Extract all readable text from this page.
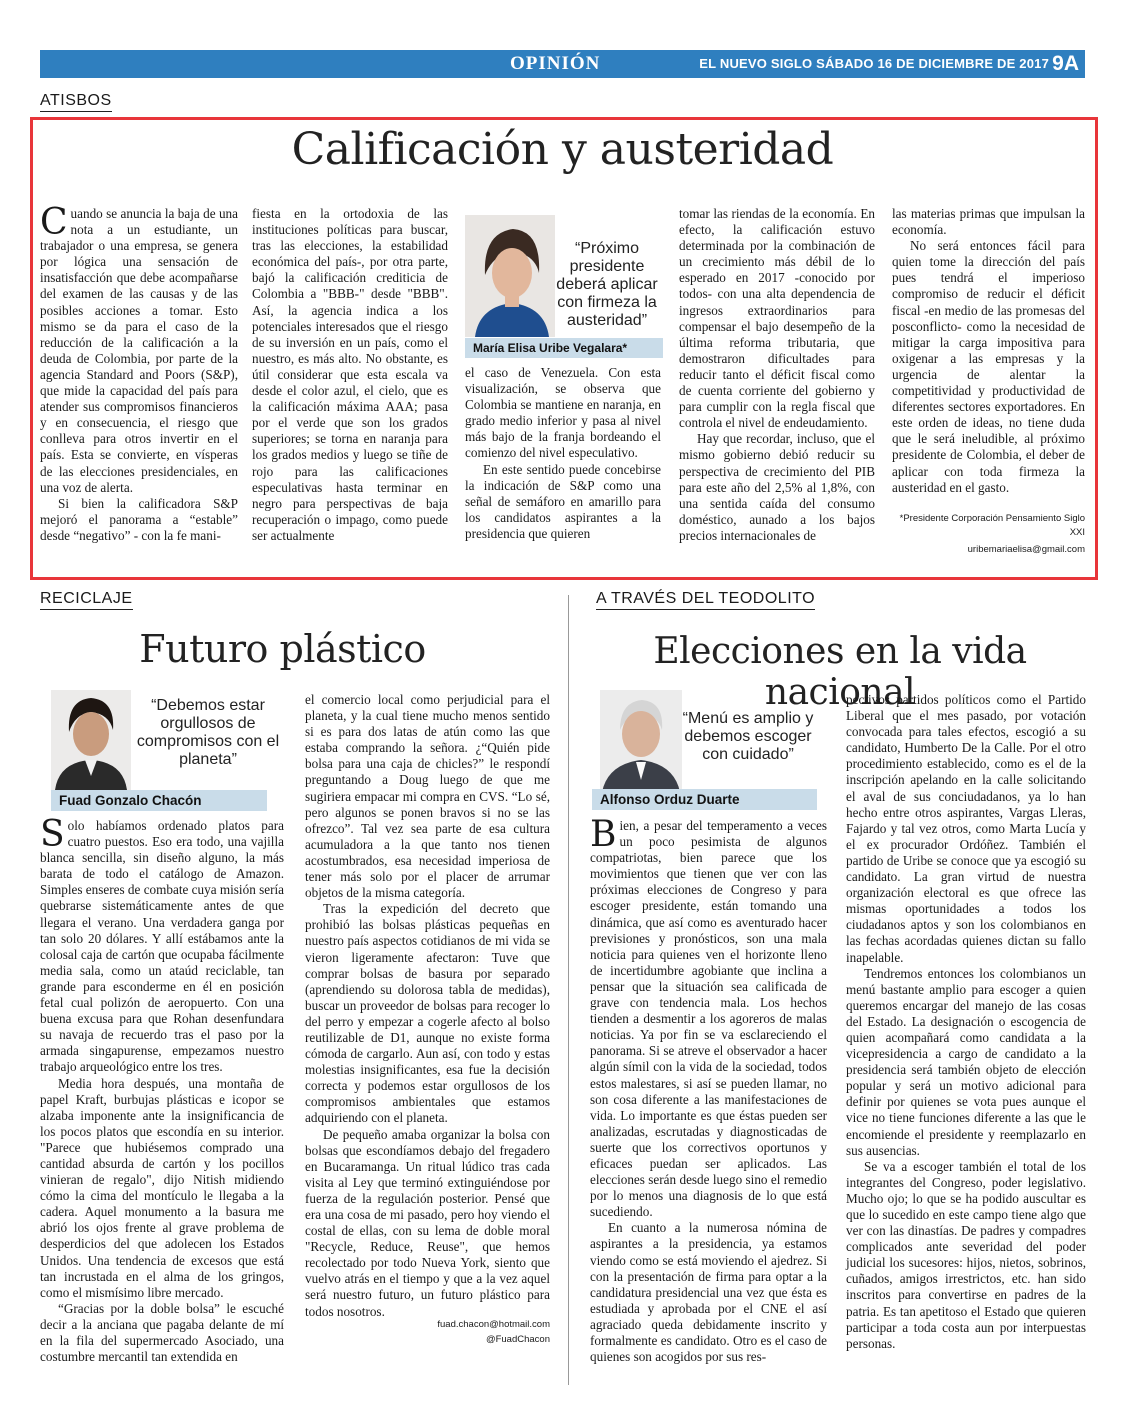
OPINIÓN	EL NUEVO SIGLO SÁBADO 16 DE DICIEMBRE DE 2017 9A
ATISBOS
Calificación y austeridad

Cuando se anuncia la baja de una nota a un estudiante, un trabajador o una empresa, se genera por lógica una sensación de insatisfacción que debe acompañarse del examen de las causas y de las posibles acciones a tomar. Esto mismo se da para el caso de la reducción de la calificación a la deuda de Colombia, por parte de la agencia Standard and Poors (S&P), que mide la capacidad del país para atender sus compromisos financieros y en consecuencia, el riesgo que conlleva para otros invertir en el país. Esta se convierte, en vísperas de las elecciones presidenciales, en una voz de alerta.

Si bien la calificadora S&P mejoró el panorama a “estable” desde “negativo” - con la fe mani-

fiesta en la ortodoxia de las instituciones políticas para buscar, tras las elecciones, la estabilidad económica del país-, por otra parte, bajó la calificación crediticia de Colombia a "BBB-" desde "BBB". Así, la agencia indica a los potenciales interesados que el riesgo de su inversión en un país, como el nuestro, es más alto. No obstante, es útil considerar que esta escala va desde el color azul, el cielo, que es la calificación máxima AAA; pasa por el verde que son los grados superiores; se torna en naranja para los grados medios y luego se tiñe de rojo para las calificaciones especulativas hasta terminar en negro para perspectivas de baja recuperación o impago, como puede ser actualmente

“Próximo presidente deberá aplicar con firmeza la austeridad”
María Elisa Uribe Vegalara*

el caso de Venezuela. Con esta visualización, se observa que Colombia se mantiene en naranja, en grado medio inferior y pasa al nivel más bajo de la franja bordeando el comienzo del nivel especulativo.

En este sentido puede concebirse la indicación de S&P como una señal de semáforo en amarillo para los candidatos aspirantes a la presidencia que quieren

tomar las riendas de la economía. En efecto, la calificación estuvo determinada por la combinación de un crecimiento más débil de lo esperado en 2017 -conocido por todos- con una alta dependencia de ingresos extraordinarios para compensar el bajo desempeño de la última reforma tributaria, que demostraron dificultades para reducir tanto el déficit fiscal como de cuenta corriente del gobierno y para cumplir con la regla fiscal que controla el nivel de endeudamiento.

Hay que recordar, incluso, que el mismo gobierno debió reducir su perspectiva de crecimiento del PIB para este año del 2,5% al 1,8%, con una sentida caída del consumo doméstico, aunado a los bajos precios internacionales de

las materias primas que impulsan la economía.

No será entonces fácil para quien tome la dirección del país pues tendrá el imperioso compromiso de reducir el déficit fiscal -en medio de las promesas del posconflicto- como la necesidad de mitigar la carga impositiva para oxigenar a las empresas y la urgencia de alentar la competitividad y productividad de diferentes sectores exportadores. En este orden de ideas, no tiene duda que le será ineludible, al próximo presidente de Colombia, el deber de aplicar con toda firmeza la austeridad en el gasto.

*Presidente Corporación Pensamiento Siglo XXI
uribemariaelisa@gmail.com
RECICLAJE
Futuro plástico
“Debemos estar orgullosos de compromisos con el planeta”
Fuad Gonzalo Chacón

Solo habíamos ordenado platos para cuatro puestos. Eso era todo, una vajilla blanca sencilla, sin diseño alguno, la más barata de todo el catálogo de Amazon. Simples enseres de combate cuya misión sería quebrarse sistemáticamente antes de que llegara el verano. Una verdadera ganga por tan solo 20 dólares. Y allí estábamos ante la colosal caja de cartón que ocupaba fácilmente media sala, como un ataúd reciclable, tan grande para esconderme en él en posición fetal cual polizón de aeropuerto. Con una buena excusa para que Rohan desenfundara su navaja de recuerdo tras el paso por la armada singapurense, empezamos nuestro trabajo arqueológico entre los tres.

Media hora después, una montaña de papel Kraft, burbujas plásticas e icopor se alzaba imponente ante la insignificancia de los pocos platos que escondía en su interior. "Parece que hubiésemos comprado una cantidad absurda de cartón y los pocillos vinieran de regalo", dijo Nitish midiendo cómo la cima del montículo le llegaba a la cadera. Aquel monumento a la basura me abrió los ojos frente al grave problema de desperdicios del que adolecen los Estados Unidos. Una tendencia de excesos que está tan incrustada en el alma de los gringos, como el mismísimo libre mercado.

“Gracias por la doble bolsa” le escuché decir a la anciana que pagaba delante de mí en la fila del supermercado Asociado, una costumbre mercantil tan extendida en

el comercio local como perjudicial para el planeta, y la cual tiene mucho menos sentido si es para dos latas de atún como las que estaba comprando la señora. ¿“Quién pide bolsa para una caja de chicles?” le respondí preguntando a Doug luego de que me sugiriera empacar mi compra en CVS. “Lo sé, pero algunos se ponen bravos si no se las ofrezco”. Tal vez sea parte de esa cultura acumuladora a la que tanto nos tienen acostumbrados, esa necesidad imperiosa de tener más solo por el placer de arrumar objetos de la misma categoría.

Tras la expedición del decreto que prohibió las bolsas plásticas pequeñas en nuestro país aspectos cotidianos de mi vida se vieron ligeramente afectaron: Tuve que comprar bolsas de basura por separado (aprendiendo su dolorosa tabla de medidas), buscar un proveedor de bolsas para recoger lo del perro y empezar a cogerle afecto al bolso reutilizable de D1, aunque no existe forma cómoda de cargarlo. Aun así, con todo y estas molestias insignificantes, esa fue la decisión correcta y podemos estar orgullosos de los compromisos ambientales que estamos adquiriendo con el planeta.

De pequeño amaba organizar la bolsa con bolsas que escondíamos debajo del fregadero en Bucaramanga. Un ritual lúdico tras cada visita al Ley que terminó extinguiéndose por fuerza de la regulación posterior. Pensé que era una cosa de mi pasado, pero hoy viendo el costal de ellas, con su lema de doble moral "Recycle, Reduce, Reuse", que hemos recolectado por todo Nueva York, siento que vuelvo atrás en el tiempo y que a la vez aquel será nuestro futuro, un futuro plástico para todos nosotros.

fuad.chacon@hotmail.com
@FuadChacon
A TRAVÉS DEL TEODOLITO
Elecciones en la vida nacional
“Menú es amplio y debemos escoger con cuidado”
Alfonso Orduz Duarte

Bien, a pesar del temperamento a veces un poco pesimista de algunos compatriotas, bien parece que los movimientos que tienen que ver con las próximas elecciones de Congreso y para escoger presidente, están tomando una dinámica, que así como es aventurado hacer previsiones y pronósticos, son una mala noticia para quienes ven el horizonte lleno de incertidumbre agobiante que inclina a pensar que la situación sea calificada de grave con tendencia mala. Los hechos tienden a desmentir a los agoreros de malas noticias. Ya por fin se va esclareciendo el panorama. Si se atreve el observador a hacer algún símil con la vida de la sociedad, todos estos malestares, si así se pueden llamar, no son cosa diferente a las manifestaciones de vida. Lo importante es que éstas pueden ser analizadas, escrutadas y diagnosticadas de suerte que los correctivos oportunos y eficaces puedan ser aplicados. Las elecciones serán desde luego sino el remedio por lo menos una diagnosis de lo que está sucediendo.

En cuanto a la numerosa nómina de aspirantes a la presidencia, ya estamos viendo como se está moviendo el ajedrez. Si con la presentación de firma para optar a la candidatura presidencial una vez que ésta es estudiada y aprobada por el CNE el así agraciado queda debidamente inscrito y formalmente es candidato. Otro es el caso de quienes son acogidos por sus res-

pectivos partidos políticos como el Partido Liberal que el mes pasado, por votación convocada para tales efectos, escogió a su candidato, Humberto De la Calle. Por el otro procedimiento establecido, como es el de la inscripción apelando en la calle solicitando el aval de sus conciudadanos, ya lo han hecho entre otros aspirantes, Vargas Lleras, Fajardo y tal vez otros, como Marta Lucía y el ex procurador Ordóñez. También el partido de Uribe se conoce que ya escogió su candidato. La gran virtud de nuestra organización electoral es que ofrece las mismas oportunidades a todos los ciudadanos aptos y son los colombianos en las fechas acordadas quienes dictan su fallo inapelable.

Tendremos entonces los colombianos un menú bastante amplio para escoger a quien queremos encargar del manejo de las cosas del Estado. La designación o escogencia de quien acompañará como candidata a la vicepresidencia a cargo de candidato a la presidencia será también objeto de elección popular y será un motivo adicional para definir por quienes se vota pues aunque el vice no tiene funciones diferente a las que le encomiende el presidente y reemplazarlo en sus ausencias.

Se va a escoger también el total de los integrantes del Congreso, poder legislativo. Mucho ojo; lo que se ha podido auscultar es que lo sucedido en este campo tiene algo que ver con las dinastías. De padres y compadres complicados ante severidad del poder judicial los sucesores: hijos, nietos, sobrinos, cuñados, amigos irrestrictos, etc. han sido inscritos para convertirse en padres de la patria. Es tan apetitoso el Estado que quieren participar a toda costa aun por interpuestas personas.
